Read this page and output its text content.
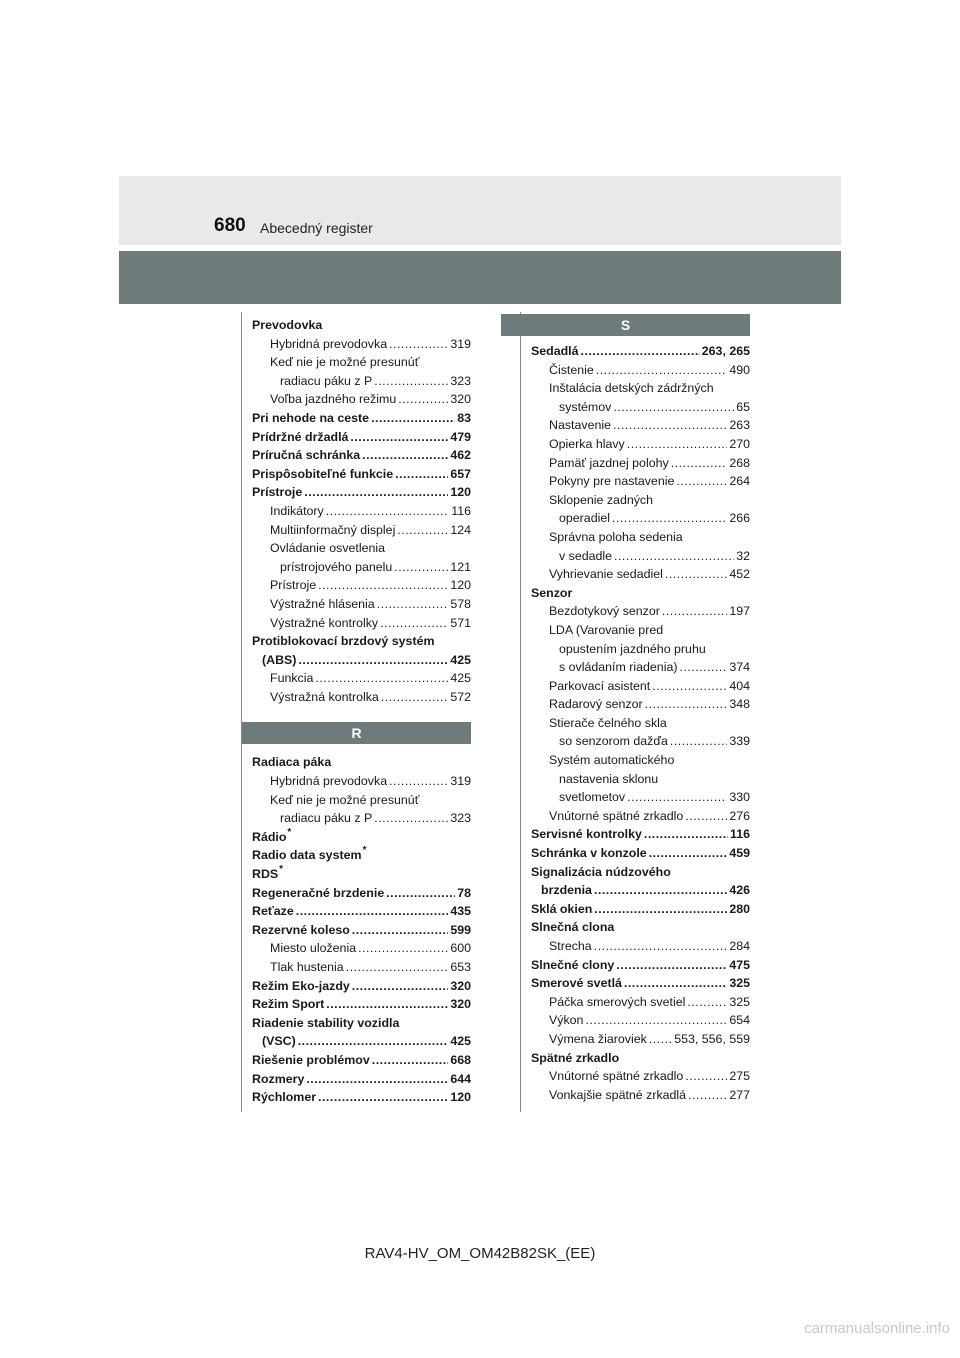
680 Abecedný register
Prevodovka
Hybridná prevodovka .....	319
Keď nie je možné presunúť
radiacu páku z P .....	323
Voľba jazdného režimu .....	320
Pri nehode na ceste .....	83
Prídržné držadlá .....	479
Príručná schránka .....	462
Prispôsobiteľné funkcie .....	657
Prístroje .....	120
Indikátory .....	116
Multiinformačný displej .....	124
Ovládanie osvetlenia
prístrojového panelu .....	121
Prístroje .....	120
Výstražné hlásenia .....	578
Výstražné kontrolky .....	571
Protiblokovací brzdový systém
(ABS) .....	425
Funkcia .....	425
Výstražná kontrolka .....	572
R
Radiaca páka
Hybridná prevodovka .....	319
Keď nie je možné presunúť
radiacu páku z P .....	323
Rádio *
Radio data system *
RDS *
Regeneračné brzdenie .....	78
Reťaze .....	435
Rezervné koleso .....	599
Miesto uloženia .....	600
Tlak hustenia .....	653
Režim Eko-jazdy .....	320
Režim Sport .....	320
Riadenie stability vozidla
(VSC) .....	425
Riešenie problémov .....	668
Rozmery .....	644
Rýchlomer .....	120
S
Sedadlá .....	263, 265
Čistenie .....	490
Inštalácia detských zádržných
systémov .....	65
Nastavenie .....	263
Opierka hlavy .....	270
Pamäť jazdnej polohy .....	268
Pokyny pre nastavenie .....	264
Sklopenie zadných
operadiel .....	266
Správna poloha sedenia
v sedadle .....	32
Vyhrievanie sedadiel .....	452
Senzor
Bezdotykový senzor .....	197
LDA (Varovanie pred
opustením jazdného pruhu
s ovládaním riadenia) .....	374
Parkovací asistent .....	404
Radarový senzor .....	348
Stierače čelného skla
so senzorom dažďa .....	339
Systém automatického
nastavenia sklonu
svetlometov .....	330
Vnútorné spätné zrkadlo .....	276
Servisné kontrolky .....	116
Schránka v konzole .....	459
Signalizácia núdzového
brzdenia .....	426
Sklá okien .....	280
Slnečná clona
Strecha .....	284
Slnečné clony .....	475
Smerové svetlá .....	325
Páčka smerových svetiel .....	325
Výkon .....	654
Výmena žiaroviek ..... 553, 556, 559
Spätné zrkadlo
Vnútorné spätné zrkadlo .....	275
Vonkajšie spätné zrkadlá .....	277
RAV4-HV_OM_OM42B82SK_(EE)
carmanualsonline.info
